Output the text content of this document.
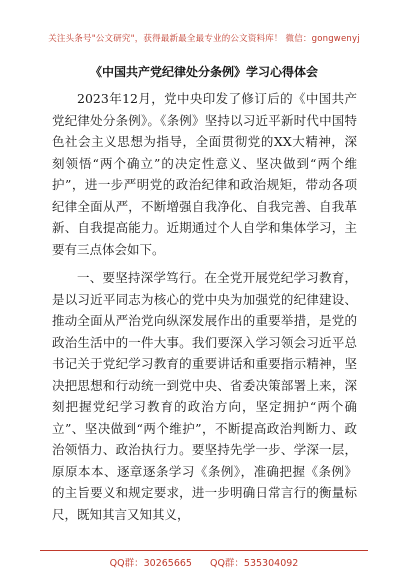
关注头条号"公文研究"，获得最新最全最专业的公文资料库！ 微信：gongwenyj
《中国共产党纪律处分条例》学习心得体会

2023年12月，党中央印发了修订后的《中国共产党纪律处分条例》。《条例》坚持以习近平新时代中国特色社会主义思想为指导，全面贯彻党的XX大精神，深刻领悟“两个确立”的决定性意义、坚决做到“两个维护”，进一步严明党的政治纪律和政治规矩，带动各项纪律全面从严，不断增强自我净化、自我完善、自我革新、自我提高能力。近期通过个人自学和集体学习，主要有三点体会如下。

一、要坚持深学笃行。在全党开展党纪学习教育，是以习近平同志为核心的党中央为加强党的纪律建设、推动全面从严治党向纵深发展作出的重要举措，是党的政治生活中的一件大事。我们要深入学习领会习近平总书记关于党纪学习教育的重要讲话和重要指示精神，坚决把思想和行动统一到党中央、省委决策部署上来，深刻把握党纪学习教育的政治方向，坚定拥护“两个确立”、坚决做到“两个维护”，不断提高政治判断力、政治领悟力、政治执行力。要坚持先学一步、学深一层，原原本本、逐章逐条学习《条例》，准确把握《条例》的主旨要义和规定要求，进一步明确日常言行的衡量标尺，既知其言又知其义，

QQ群：30265665 QQ群：535304092
